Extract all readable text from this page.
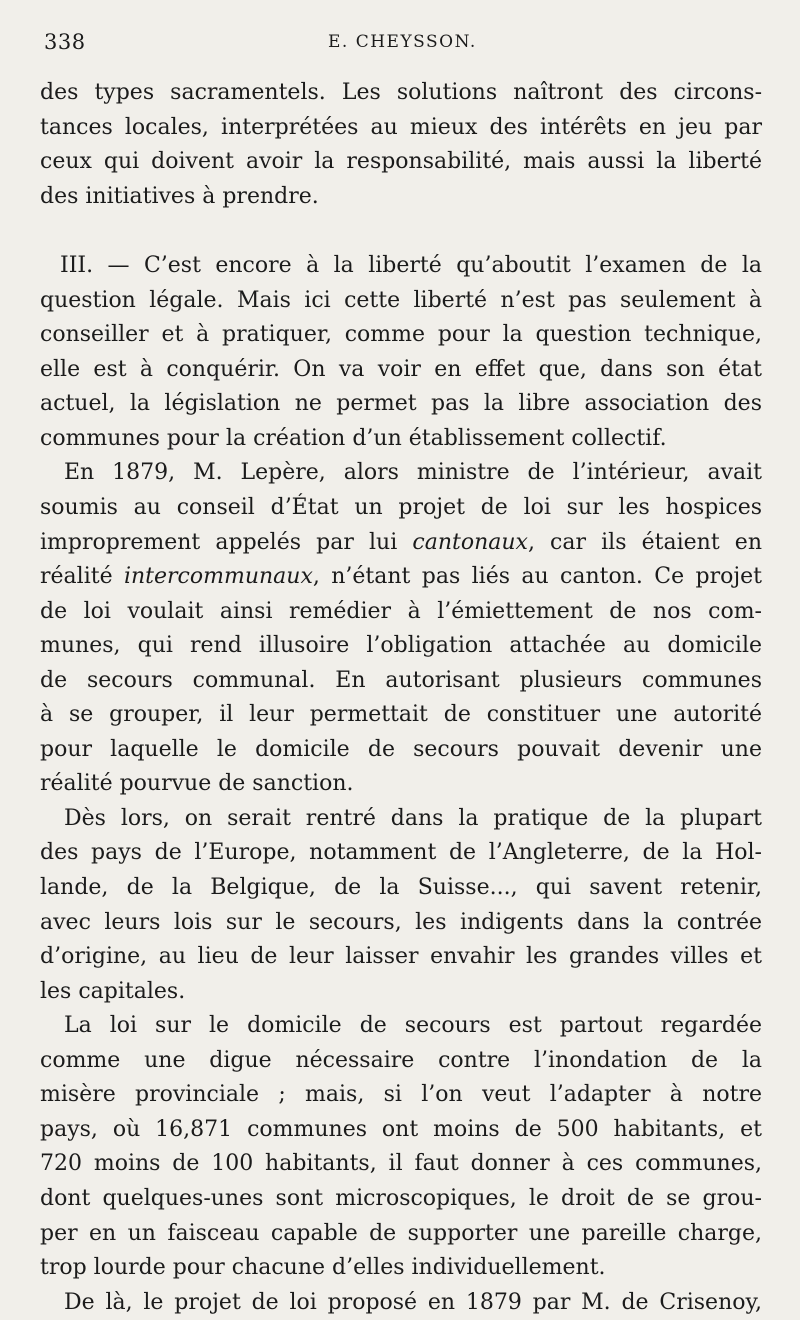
338	E. CHEYSSON.
des types sacramentels. Les solutions naîtront des circons-
tances locales, interprétées au mieux des intérêts en jeu par
ceux qui doivent avoir la responsabilité, mais aussi la liberté
des initiatives à prendre.
III. — C’est encore à la liberté qu’aboutit l’examen de la
question légale. Mais ici cette liberté n’est pas seulement à
conseiller et à pratiquer, comme pour la question technique,
elle est à conquérir. On va voir en effet que, dans son état
actuel, la législation ne permet pas la libre association des
communes pour la création d’un établissement collectif.
En 1879, M. Lepère, alors ministre de l’intérieur, avait
soumis au conseil d’État un projet de loi sur les hospices
improprement appelés par lui cantonaux, car ils étaient en
réalité intercommunaux, n’étant pas liés au canton. Ce projet
de loi voulait ainsi remédier à l’émiettement de nos com-
munes, qui rend illusoire l’obligation attachée au domicile
de secours communal. En autorisant plusieurs communes
à se grouper, il leur permettait de constituer une autorité
pour laquelle le domicile de secours pouvait devenir une
réalité pourvue de sanction.
Dès lors, on serait rentré dans la pratique de la plupart
des pays de l’Europe, notamment de l’Angleterre, de la Hol-
lande, de la Belgique, de la Suisse..., qui savent retenir,
avec leurs lois sur le secours, les indigents dans la contrée
d’origine, au lieu de leur laisser envahir les grandes villes et
les capitales.
La loi sur le domicile de secours est partout regardée
comme une digue nécessaire contre l’inondation de la
misère provinciale ; mais, si l’on veut l’adapter à notre
pays, où 16,871 communes ont moins de 500 habitants, et
720 moins de 100 habitants, il faut donner à ces communes,
dont quelques-unes sont microscopiques, le droit de se grou-
per en un faisceau capable de supporter une pareille charge,
trop lourde pour chacune d’elles individuellement.
De là, le projet de loi proposé en 1879 par M. de Crisenoy,
